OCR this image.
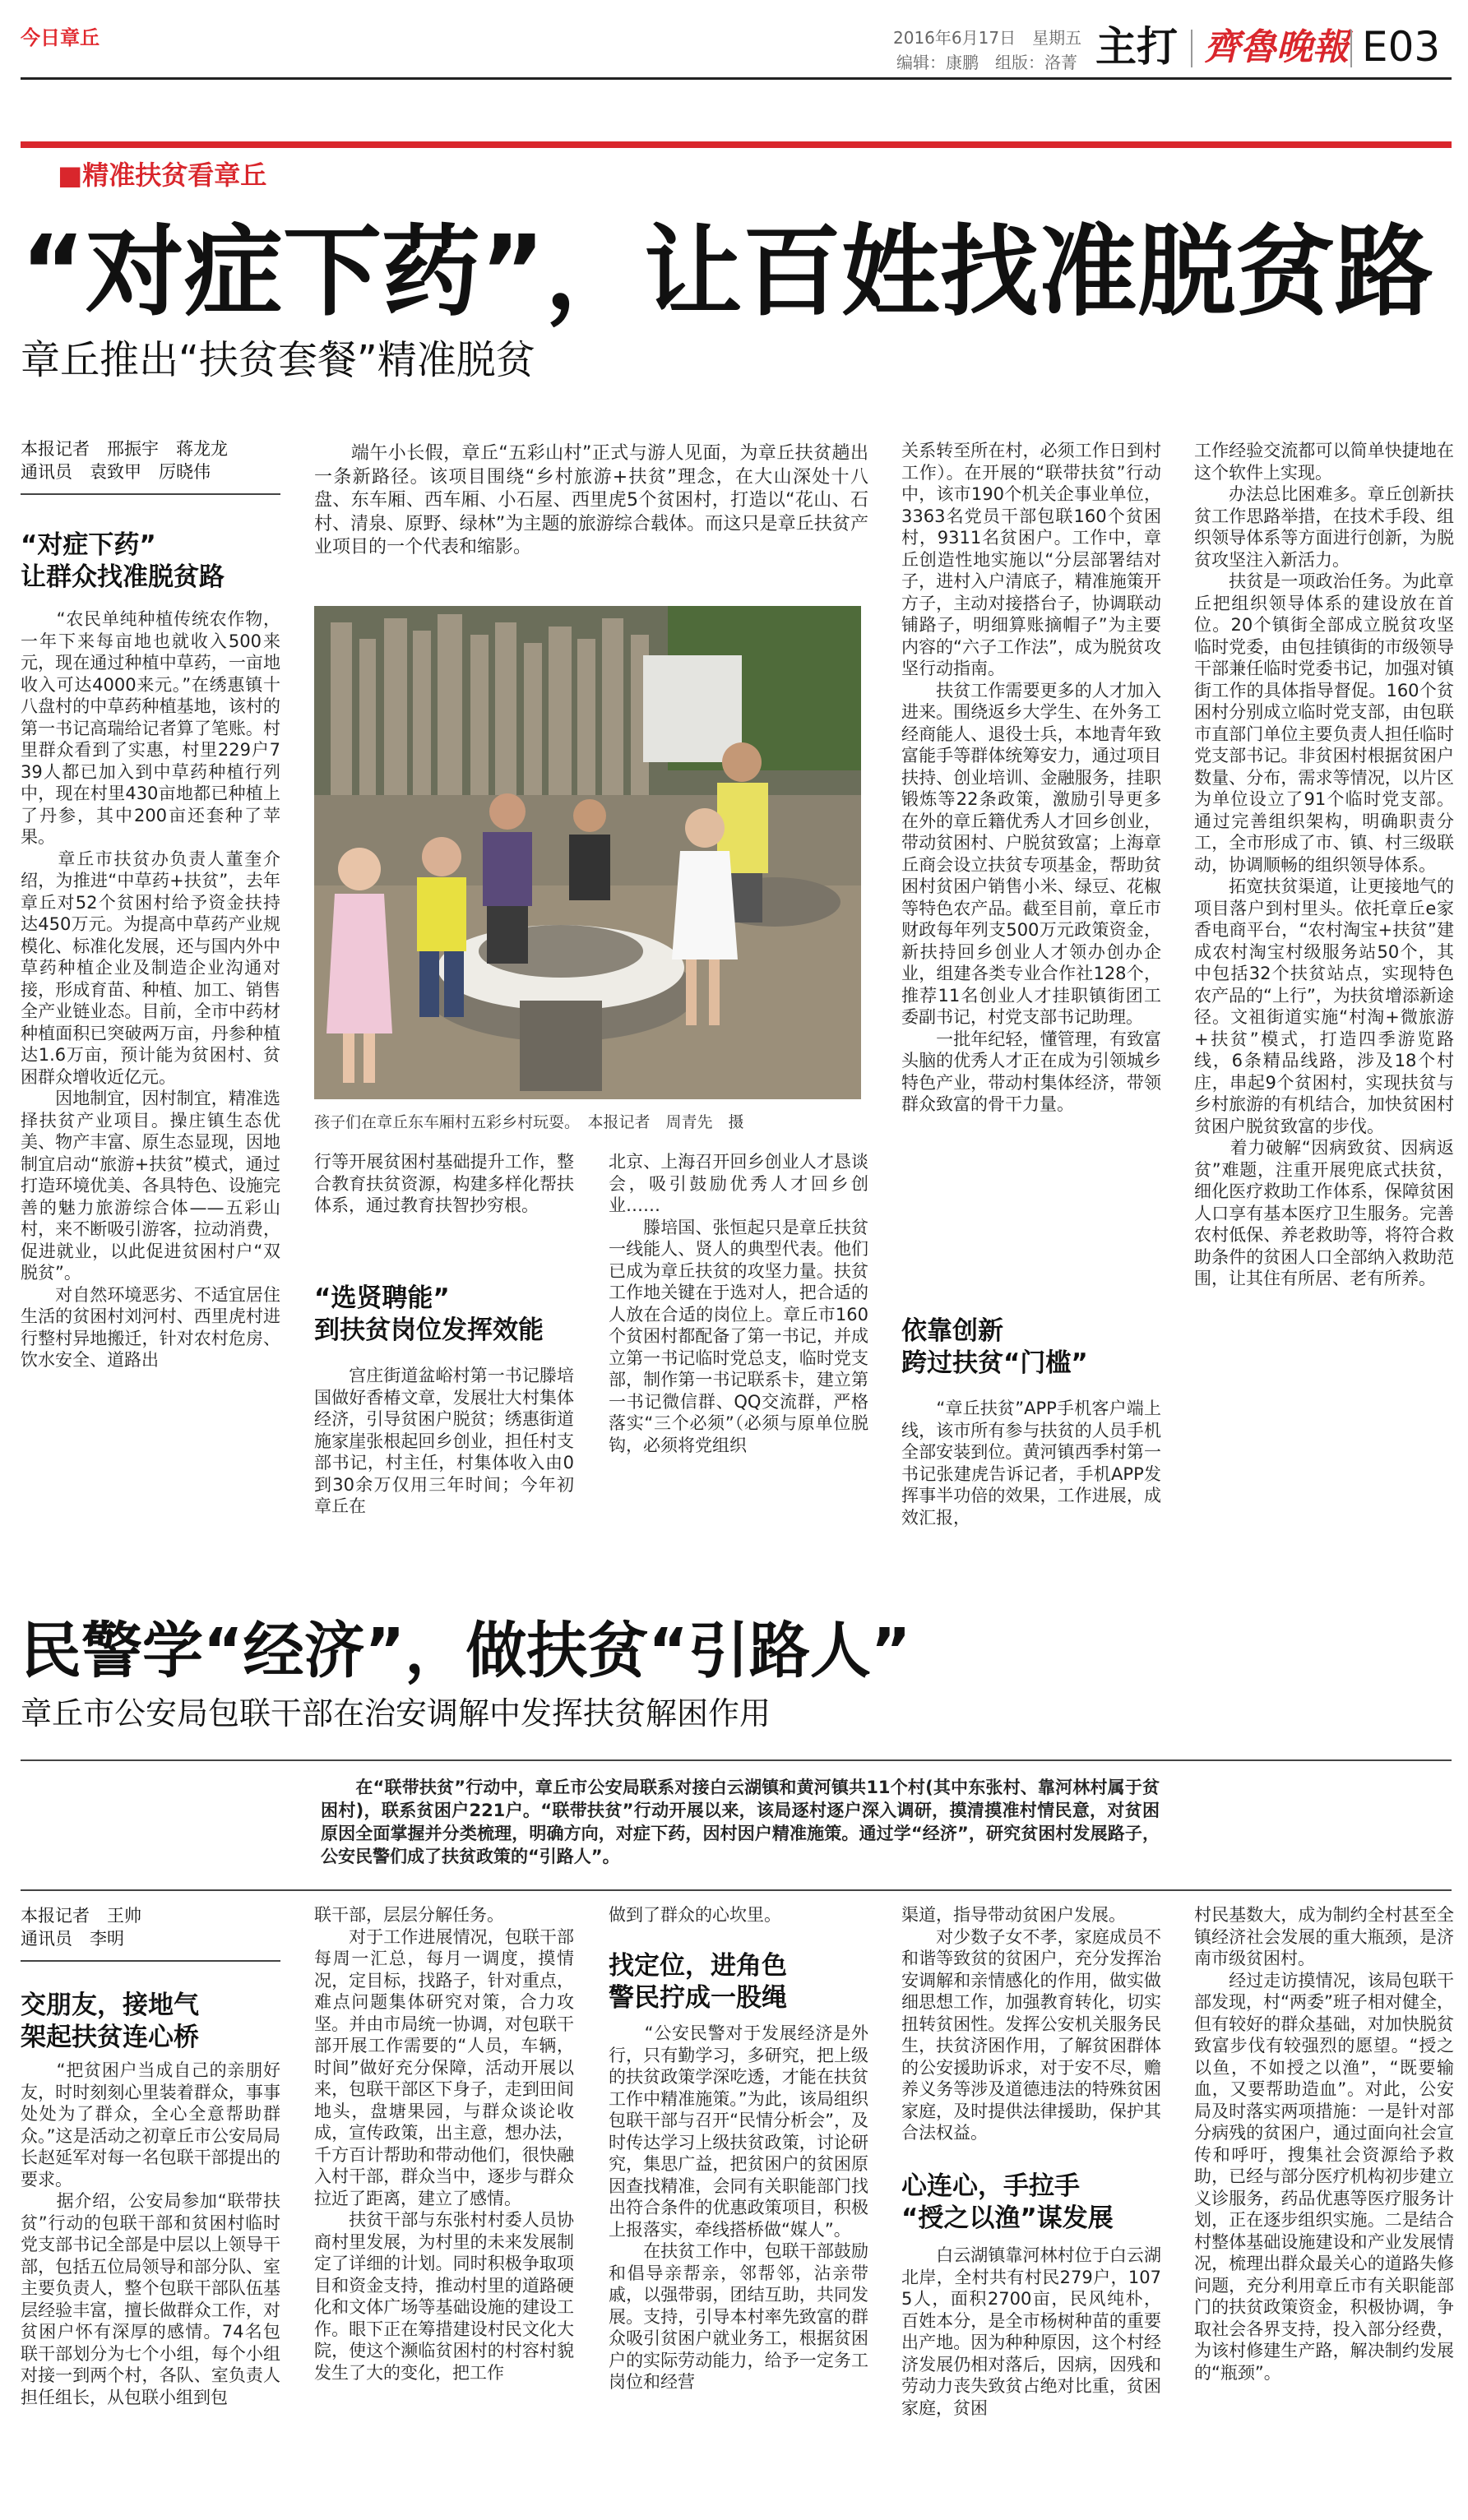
今日章丘	2016年6月17日　星期五
编辑：康鹏　组版：洛菁 主打 齊魯晚報 E03
■精准扶贫看章丘
“对症下药”，让百姓找准脱贫路
章丘推出“扶贫套餐”精准脱贫
本报记者　邢振宇　蒋龙龙
通讯员　袁致甲　厉晓伟
“对症下药”
让群众找准脱贫路
　　“农民单纯种植传统农作物，一年下来每亩地也就收入500来元，现在通过种植中草药，一亩地收入可达4000来元。”在绣惠镇十八盘村的中草药种植基地，该村的第一书记高瑞给记者算了笔账。村里群众看到了实惠，村里229户739人都已加入到中草药种植行列中，现在村里430亩地都已种植上了丹参，其中200亩还套种了苹果。
　　章丘市扶贫办负责人董奎介绍，为推进“中草药+扶贫”，去年章丘对52个贫困村给予资金扶持达450万元。为提高中草药产业规模化、标准化发展，还与国内外中草药种植企业及制造企业沟通对接，形成育苗、种植、加工、销售全产业链业态。目前，全市中药材种植面积已突破两万亩，丹参种植达1.6万亩，预计能为贫困村、贫困群众增收近亿元。
　　因地制宜，因村制宜，精准选择扶贫产业项目。操庄镇生态优美、物产丰富、原生态显现，因地制宜启动“旅游+扶贫”模式，通过打造环境优美、各具特色、设施完善的魅力旅游综合体——五彩山村，来不断吸引游客，拉动消费，促进就业，以此促进贫困村户“双脱贫”。
　　对自然环境恶劣、不适宜居住生活的贫困村刘河村、西里虎村进行整村异地搬迁，针对农村危房、饮水安全、道路出
　　端午小长假，章丘“五彩山村”正式与游人见面，为章丘扶贫趟出一条新路径。该项目围绕“乡村旅游+扶贫”理念，在大山深处十八盘、东车厢、西车厢、小石屋、西里虎5个贫困村，打造以“花山、石村、清泉、原野、绿林”为主题的旅游综合载体。而这只是章丘扶贫产业项目的一个代表和缩影。
孩子们在章丘东车厢村五彩乡村玩耍。　本报记者　周青先　摄
行等开展贫困村基础提升工作，整合教育扶贫资源，构建多样化帮扶体系，通过教育扶智抄穷根。
“选贤聘能”
到扶贫岗位发挥效能
　　宫庄街道盆峪村第一书记滕培国做好香椿文章，发展壮大村集体经济，引导贫困户脱贫；绣惠街道施家崖张根起回乡创业，担任村支部书记，村主任，村集体收入由0到30余万仅用三年时间；今年初章丘在
北京、上海召开回乡创业人才恳谈会，吸引鼓励优秀人才回乡创业……
　　滕培国、张恒起只是章丘扶贫一线能人、贤人的典型代表。他们已成为章丘扶贫的攻坚力量。扶贫工作地关键在于选对人，把合适的人放在合适的岗位上。章丘市160个贫困村都配备了第一书记，并成立第一书记临时党总支，临时党支部，制作第一书记联系卡，建立第一书记微信群、QQ交流群，严格落实“三个必须”（必须与原单位脱钩，必须将党组织
关系转至所在村，必须工作日到村工作）。在开展的“联带扶贫”行动中，该市190个机关企事业单位，3363名党员干部包联160个贫困村，9311名贫困户。工作中，章丘创造性地实施以“分层部署结对子，进村入户清底子，精准施策开方子，主动对接搭台子，协调联动铺路子，明细算账摘帽子”为主要内容的“六子工作法”，成为脱贫攻坚行动指南。
　　扶贫工作需要更多的人才加入进来。围绕返乡大学生、在外务工经商能人、退役士兵，本地青年致富能手等群体统筹安力，通过项目扶持、创业培训、金融服务，挂职锻炼等22条政策，激励引导更多在外的章丘籍优秀人才回乡创业，带动贫困村、户脱贫致富；上海章丘商会设立扶贫专项基金，帮助贫困村贫困户销售小米、绿豆、花椒等特色农产品。截至目前，章丘市财政每年列支500万元政策资金，新扶持回乡创业人才领办创办企业，组建各类专业合作社128个，推荐11名创业人才挂职镇街团工委副书记，村党支部书记助理。
　　一批年纪轻，懂管理，有致富头脑的优秀人才正在成为引领城乡特色产业，带动村集体经济，带领群众致富的骨干力量。
依靠创新
跨过扶贫“门槛”
　　“章丘扶贫”APP手机客户端上线，该市所有参与扶贫的人员手机全部安装到位。黄河镇西季村第一书记张建虎告诉记者，手机APP发挥事半功倍的效果，工作进展，成效汇报，
工作经验交流都可以简单快捷地在这个软件上实现。
　　办法总比困难多。章丘创新扶贫工作思路举措，在技术手段、组织领导体系等方面进行创新，为脱贫攻坚注入新活力。
　　扶贫是一项政治任务。为此章丘把组织领导体系的建设放在首位。20个镇街全部成立脱贫攻坚临时党委，由包挂镇街的市级领导干部兼任临时党委书记，加强对镇街工作的具体指导督促。160个贫困村分别成立临时党支部，由包联市直部门单位主要负责人担任临时党支部书记。非贫困村根据贫困户数量、分布，需求等情况，以片区为单位设立了91个临时党支部。通过完善组织架构，明确职责分工，全市形成了市、镇、村三级联动，协调顺畅的组织领导体系。
　　拓宽扶贫渠道，让更接地气的项目落户到村里头。依托章丘e家香电商平台，“农村淘宝+扶贫”建成农村淘宝村级服务站50个，其中包括32个扶贫站点，实现特色农产品的“上行”，为扶贫增添新途径。文祖街道实施“村淘+微旅游+扶贫”模式，打造四季游览路线，6条精品线路，涉及18个村庄，串起9个贫困村，实现扶贫与乡村旅游的有机结合，加快贫困村贫困户脱贫致富的步伐。
　　着力破解“因病致贫、因病返贫”难题，注重开展兜底式扶贫，细化医疗救助工作体系，保障贫困人口享有基本医疗卫生服务。完善农村低保、养老救助等，将符合救助条件的贫困人口全部纳入救助范围，让其住有所居、老有所养。
民警学“经济”，做扶贫“引路人”
章丘市公安局包联干部在治安调解中发挥扶贫解困作用
　　在“联带扶贫”行动中，章丘市公安局联系对接白云湖镇和黄河镇共11个村(其中东张村、靠河林村属于贫困村)，联系贫困户221户。“联带扶贫”行动开展以来，该局逐村逐户深入调研，摸清摸准村情民意，对贫困原因全面掌握并分类梳理，明确方向，对症下药，因村因户精准施策。通过学“经济”，研究贫困村发展路子，公安民警们成了扶贫政策的“引路人”。
本报记者　王帅
通讯员　李明
交朋友，接地气
架起扶贫连心桥
　　“把贫困户当成自己的亲朋好友，时时刻刻心里装着群众，事事处处为了群众，全心全意帮助群众。”这是活动之初章丘市公安局局长赵延军对每一名包联干部提出的要求。
　　据介绍，公安局参加“联带扶贫”行动的包联干部和贫困村临时党支部书记全部是中层以上领导干部，包括五位局领导和部分队、室主要负责人，整个包联干部队伍基层经验丰富，擅长做群众工作，对贫困户怀有深厚的感情。74名包联干部划分为七个小组，每个小组对接一到两个村，各队、室负责人担任组长，从包联小组到包
联干部，层层分解任务。
　　对于工作进展情况，包联干部每周一汇总，每月一调度，摸情况，定目标，找路子，针对重点，难点问题集体研究对策，合力攻坚。并由市局统一协调，对包联干部开展工作需要的“人员，车辆，时间”做好充分保障，活动开展以来，包联干部区下身子，走到田间地头，盘塘果园，与群众谈论收成，宣传政策，出主意，想办法，千方百计帮助和带动他们，很快融入村干部，群众当中，逐步与群众拉近了距离，建立了感情。
　　扶贫干部与东张村村委人员协商村里发展，为村里的未来发展制定了详细的计划。同时积极争取项目和资金支持，推动村里的道路硬化和文体广场等基础设施的建设工作。眼下正在筹措建设村民文化大院，使这个濒临贫困村的村容村貌发生了大的变化，把工作
做到了群众的心坎里。
找定位，进角色
警民拧成一股绳
　　“公安民警对于发展经济是外行，只有勤学习，多研究，把上级的扶贫政策学深吃透，才能在扶贫工作中精准施策。”为此，该局组织包联干部与召开“民情分析会”，及时传达学习上级扶贫政策，讨论研究，集思广益，把贫困户的贫困原因查找精准，会同有关职能部门找出符合条件的优惠政策项目，积极上报落实，牵线搭桥做“媒人”。
　　在扶贫工作中，包联干部鼓励和倡导亲帮亲，邻帮邻，沾亲带戚，以强带弱，团结互助，共同发展。支持，引导本村率先致富的群众吸引贫困户就业务工，根据贫困户的实际劳动能力，给予一定务工岗位和经营
渠道，指导带动贫困户发展。
　　对少数子女不孝，家庭成员不和谐等致贫的贫困户，充分发挥治安调解和亲情感化的作用，做实做细思想工作，加强教育转化，切实扭转贫困性。发挥公安机关服务民生，扶贫济困作用，了解贫困群体的公安援助诉求，对于安不尽，赡养义务等涉及道德违法的特殊贫困家庭，及时提供法律援助，保护其合法权益。
心连心，手拉手
“授之以渔”谋发展
　　白云湖镇靠河林村位于白云湖北岸，全村共有村民279户，1075人，面积2700亩，民风纯朴，百姓本分，是全市杨树种苗的重要出产地。因为种种原因，这个村经济发展仍相对落后，因病，因残和劳动力丧失致贫占绝对比重，贫困家庭，贫困
村民基数大，成为制约全村甚至全镇经济社会发展的重大瓶颈，是济南市级贫困村。
　　经过走访摸情况，该局包联干部发现，村“两委”班子相对健全，但有较好的群众基础，对加快脱贫致富步伐有较强烈的愿望。“授之以鱼，不如授之以渔”，“既要输血，又要帮助造血”。对此，公安局及时落实两项措施：一是针对部分病残的贫困户，通过面向社会宣传和呼吁，搜集社会资源给予救助，已经与部分医疗机构初步建立义诊服务，药品优惠等医疗服务计划，正在逐步组织实施。二是结合村整体基础设施建设和产业发展情况，梳理出群众最关心的道路失修问题，充分利用章丘市有关职能部门的扶贫政策资金，积极协调，争取社会各界支持，投入部分经费，为该村修建生产路，解决制约发展的“瓶颈”。
